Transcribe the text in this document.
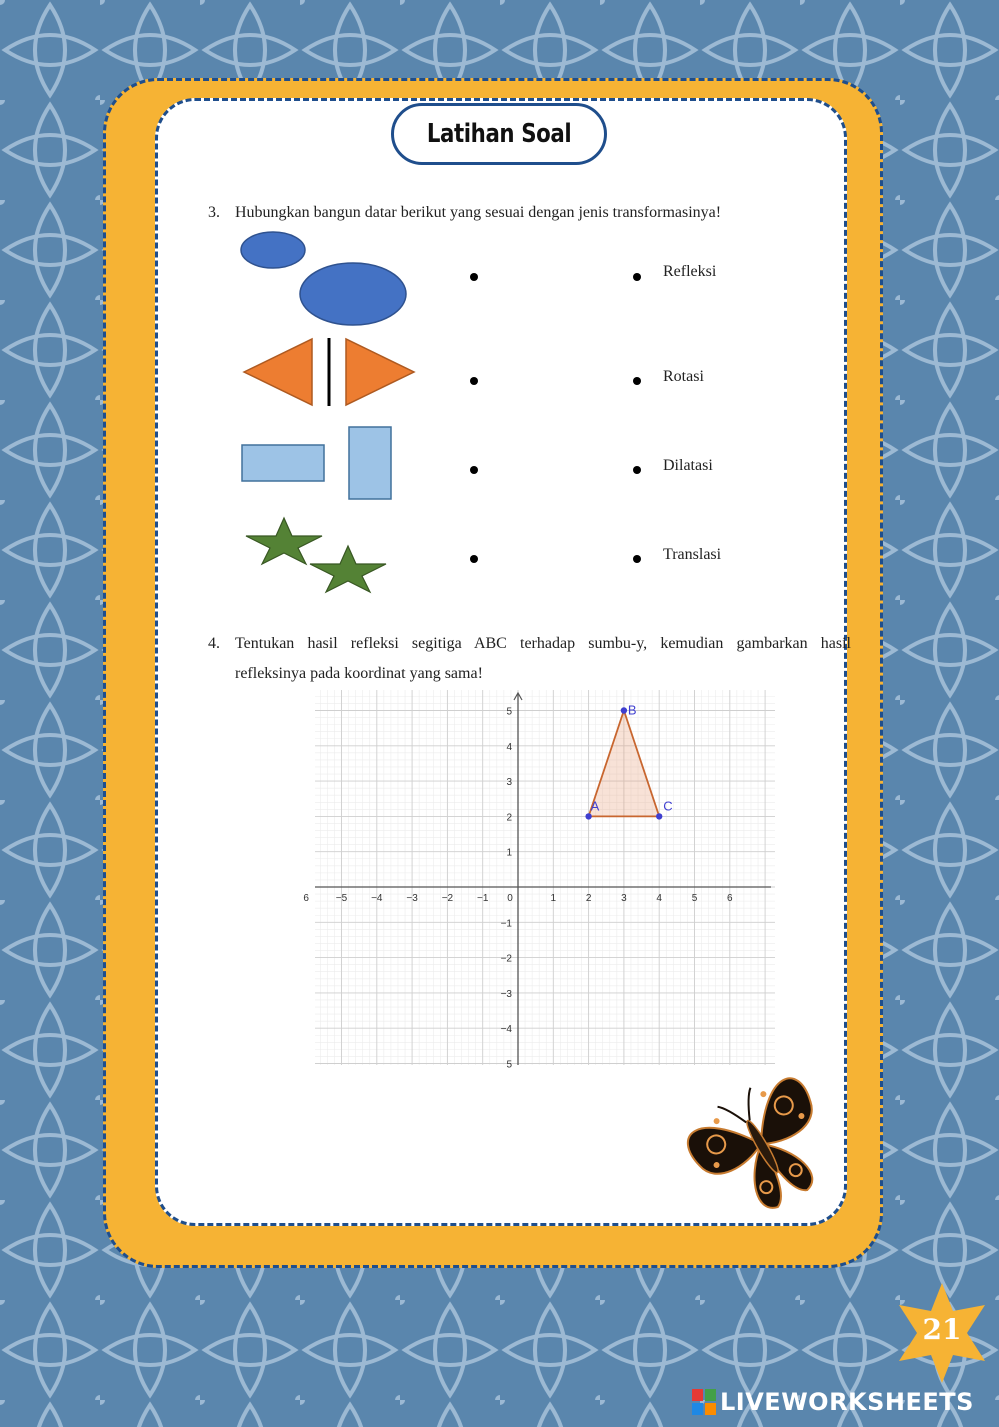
Latihan Soal
3. Hubungkan bangun datar berikut yang sesuai dengan jenis transformasinya!
Refleksi
Rotasi
Dilatasi
Translasi
4. Tentukan hasil refleksi segitiga ABC terhadap sumbu-y, kemudian gambarkan hasil
refleksinya pada koordinat yang sama!
6	−5 −4 −3 −2 −1 0	1	2	3	4	5	6
5
4
3
2
1
−1
−2
−3
−4
5
A
B
C
21
LIVEWORKSHEETS
